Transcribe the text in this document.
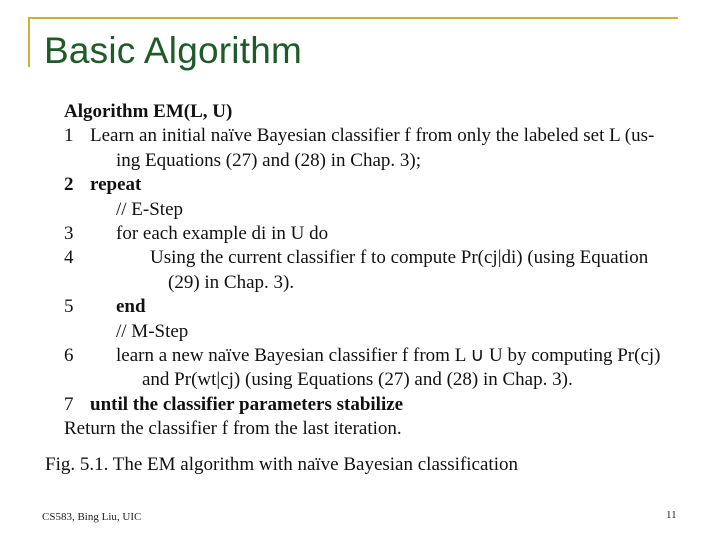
Basic Algorithm
Algorithm EM(L, U)
1 Learn an initial naïve Bayesian classifier f from only the labeled set L (us-
ing Equations (27) and (28) in Chap. 3);
2 repeat
// E-Step
3	for each example di in U do
4	Using the current classifier f to compute Pr(cj|di) (using Equation
(29) in Chap. 3).
5	end
// M-Step
6	learn a new naïve Bayesian classifier f from L ∪ U by computing Pr(cj)
and Pr(wt|cj) (using Equations (27) and (28) in Chap. 3).
7 until the classifier parameters stabilize
Return the classifier f from the last iteration.
Fig. 5.1. The EM algorithm with naïve Bayesian classification
CS583, Bing Liu, UIC	11
